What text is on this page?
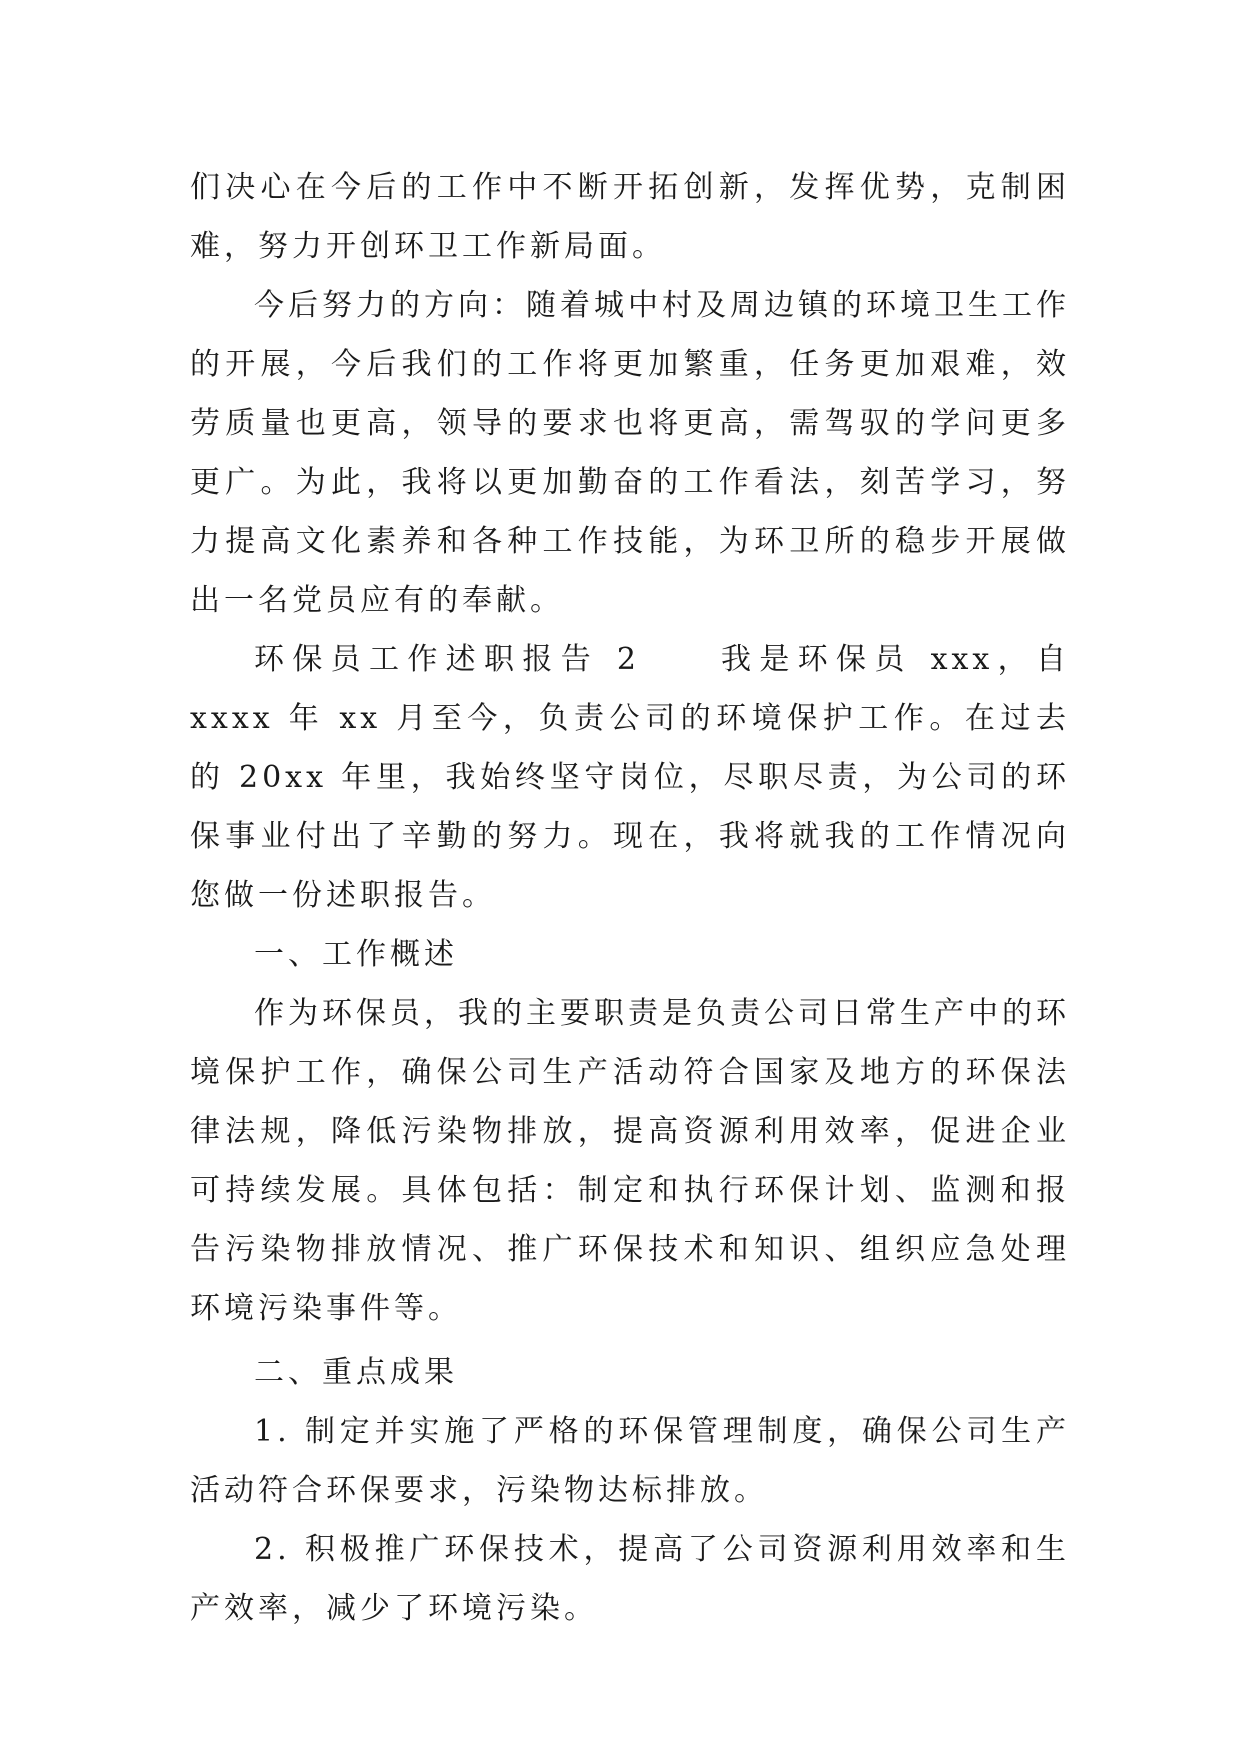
们决心在今后的工作中不断开拓创新，发挥优势，克制困难，努力开创环卫工作新局面。

今后努力的方向：随着城中村及周边镇的环境卫生工作的开展，今后我们的工作将更加繁重，任务更加艰难，效劳质量也更高，领导的要求也将更高，需驾驭的学问更多更广。为此，我将以更加勤奋的工作看法，刻苦学习，努力提高文化素养和各种工作技能，为环卫所的稳步开展做出一名党员应有的奉献。

环保员工作述职报告 2　　我是环保员 xxx，自 xxxx 年 xx 月至今，负责公司的环境保护工作。在过去的 20xx 年里，我始终坚守岗位，尽职尽责，为公司的环保事业付出了辛勤的努力。现在，我将就我的工作情况向您做一份述职报告。

一、工作概述

作为环保员，我的主要职责是负责公司日常生产中的环境保护工作，确保公司生产活动符合国家及地方的环保法律法规，降低污染物排放，提高资源利用效率，促进企业可持续发展。具体包括：制定和执行环保计划、监测和报告污染物排放情况、推广环保技术和知识、组织应急处理环境污染事件等。

二、重点成果

1. 制定并实施了严格的环保管理制度，确保公司生产活动符合环保要求，污染物达标排放。

2. 积极推广环保技术，提高了公司资源利用效率和生产效率，减少了环境污染。
